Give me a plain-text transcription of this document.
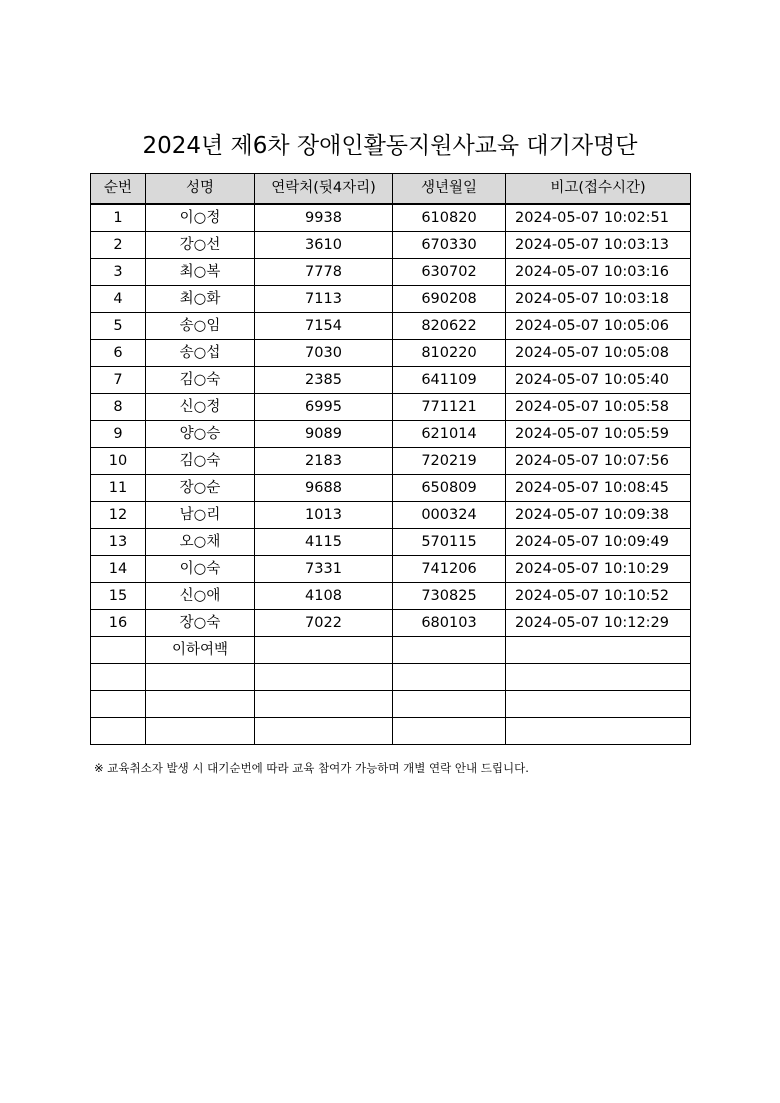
2024년 제6차 장애인활동지원사교육 대기자명단
순번	성명	연락처(뒷4자리)	생년월일	비고(접수시간)
1	이○정	9938	610820	2024-05-07 10:02:51
2	강○선	3610	670330	2024-05-07 10:03:13
3	최○복	7778	630702	2024-05-07 10:03:16
4	최○화	7113	690208	2024-05-07 10:03:18
5	송○임	7154	820622	2024-05-07 10:05:06
6	송○섭	7030	810220	2024-05-07 10:05:08
7	김○숙	2385	641109	2024-05-07 10:05:40
8	신○정	6995	771121	2024-05-07 10:05:58
9	양○승	9089	621014	2024-05-07 10:05:59
10	김○숙	2183	720219	2024-05-07 10:07:56
11	장○순	9688	650809	2024-05-07 10:08:45
12	남○리	1013	000324	2024-05-07 10:09:38
13	오○채	4115	570115	2024-05-07 10:09:49
14	이○숙	7331	741206	2024-05-07 10:10:29
15	신○애	4108	730825	2024-05-07 10:10:52
16	장○숙	7022	680103	2024-05-07 10:12:29
	이하여백			

※ 교육취소자 발생 시 대기순번에 따라 교육 참여가 가능하며 개별 연락 안내 드립니다.
